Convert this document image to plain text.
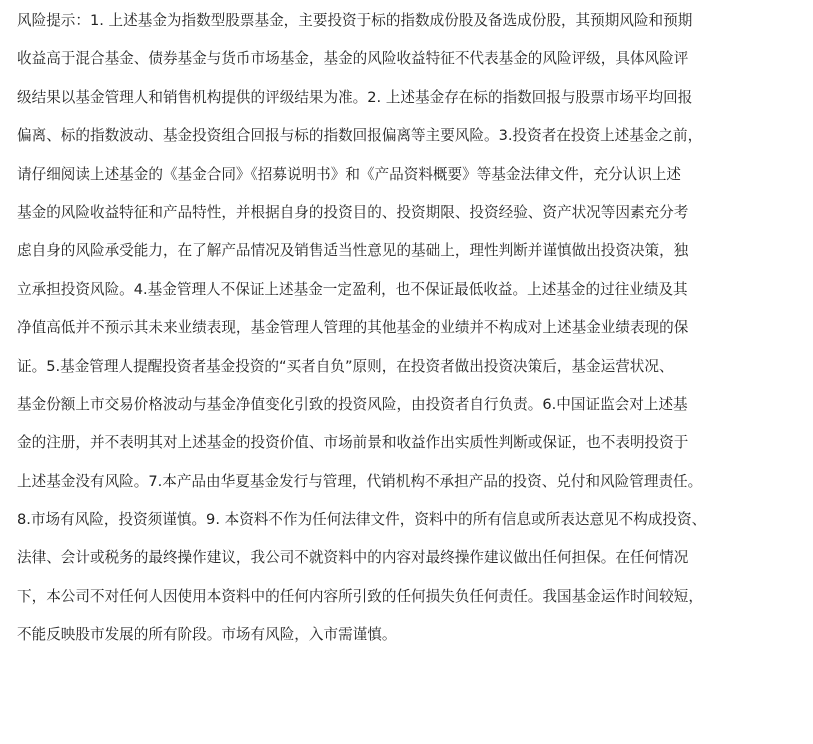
风险提示：1. 上述基金为指数型股票基金，主要投资于标的指数成份股及备选成份股，其预期风险和预期
收益高于混合基金、债券基金与货币市场基金，基金的风险收益特征不代表基金的风险评级，具体风险评
级结果以基金管理人和销售机构提供的评级结果为准。2. 上述基金存在标的指数回报与股票市场平均回报
偏离、标的指数波动、基金投资组合回报与标的指数回报偏离等主要风险。3.投资者在投资上述基金之前，
请仔细阅读上述基金的《基金合同》《招募说明书》和《产品资料概要》等基金法律文件，充分认识上述
基金的风险收益特征和产品特性，并根据自身的投资目的、投资期限、投资经验、资产状况等因素充分考
虑自身的风险承受能力，在了解产品情况及销售适当性意见的基础上，理性判断并谨慎做出投资决策，独
立承担投资风险。4.基金管理人不保证上述基金一定盈利，也不保证最低收益。上述基金的过往业绩及其
净值高低并不预示其未来业绩表现，基金管理人管理的其他基金的业绩并不构成对上述基金业绩表现的保
证。5.基金管理人提醒投资者基金投资的“买者自负”原则，在投资者做出投资决策后，基金运营状况、
基金份额上市交易价格波动与基金净值变化引致的投资风险，由投资者自行负责。6.中国证监会对上述基
金的注册，并不表明其对上述基金的投资价值、市场前景和收益作出实质性判断或保证，也不表明投资于
上述基金没有风险。7.本产品由华夏基金发行与管理，代销机构不承担产品的投资、兑付和风险管理责任。
8.市场有风险，投资须谨慎。9. 本资料不作为任何法律文件，资料中的所有信息或所表达意见不构成投资、
法律、会计或税务的最终操作建议，我公司不就资料中的内容对最终操作建议做出任何担保。在任何情况
下，本公司不对任何人因使用本资料中的任何内容所引致的任何损失负任何责任。我国基金运作时间较短，
不能反映股市发展的所有阶段。市场有风险，入市需谨慎。
